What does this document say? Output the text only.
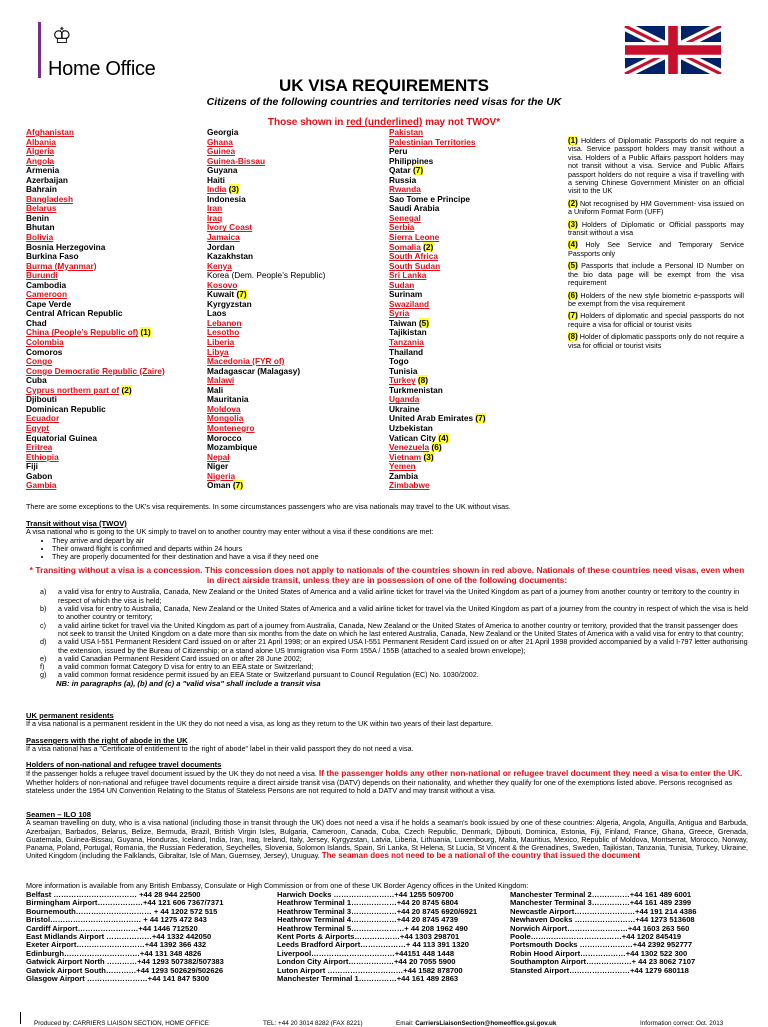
♔
Home Office
UK VISA REQUIREMENTS
Citizens of the following countries and territories need visas for the UK
Those shown in red (underlined) may not TWOV*
Afghanistan
Albania
Algeria
Angola
Armenia
Azerbaijan
Bahrain
Bangladesh
Belarus
Benin
Bhutan
Bolivia
Bosnia Herzegovina
Burkina Faso
Burma (Myanmar)
Burundi
Cambodia
Cameroon
Cape Verde
Central African Republic
Chad
China (People’s Republic of) (1)
Colombia
Comoros
Congo
Congo Democratic Republic (Zaire)
Cuba
Cyprus northern part of (2)
Djibouti
Dominican Republic
Ecuador
Egypt
Equatorial Guinea
Eritrea
Ethiopia
Fiji
Gabon
Gambia
Georgia
Ghana
Guinea
Guinea-Bissau
Guyana
Haiti
India (3)
Indonesia
Iran
Iraq
Ivory Coast
Jamaica
Jordan
Kazakhstan
Kenya
Korea (Dem. People’s Republic)
Kosovo
Kuwait (7)
Kyrgyzstan
Laos
Lebanon
Lesotho
Liberia
Libya
Macedonia (FYR of)
Madagascar (Malagasy)
Malawi
Mali
Mauritania
Moldova
Mongolia
Montenegro
Morocco
Mozambique
Nepal
Niger
Nigeria
Oman (7)
Pakistan
Palestinian Territories
Peru
Philippines
Qatar (7)
Russia
Rwanda
Sao Tome e Principe
Saudi Arabia
Senegal
Serbia
Sierra Leone
Somalia (2)
South Africa
South Sudan
Sri Lanka
Sudan
Surinam
Swaziland
Syria
Taiwan (5)
Tajikistan
Tanzania
Thailand
Togo
Tunisia
Turkey (8)
Turkmenistan
Uganda
Ukraine
United Arab Emirates (7)
Uzbekistan
Vatican City (4)
Venezuela (6)
Vietnam (3)
Yemen
Zambia
Zimbabwe

(1) Holders of Diplomatic Passports do not require a visa. Service passport holders may transit without a visa. Holders of a Public Affairs passport holders may not transit without a visa. Service and Public Affairs passport holders do not require a visa if travelling with a serving Chinese Government Minister on an official visit to the UK

(2) Not recognised by HM Government- visa issued on a Uniform Format Form (UFF)

(3) Holders of Diplomatic or Official passports may transit without a visa

(4) Holy See Service and Temporary Service Passports only

(5) Passports that include a Personal ID Number on the bio data page will be exempt from the visa requirement

(6) Holders of the new style biometric e-passports will be exempt from the visa requirement

(7) Holders of diplomatic and special passports do not require a visa for official or tourist visits

(8) Holder of diplomatic passports only do not require a visa for official or tourist visits

There are some exceptions to the UK's visa requirements. In some circumstances passengers who are visa nationals may travel to the UK without visas.
Transit without visa (TWOV)
A visa national who is going to the UK simply to travel on to another country may enter without a visa if these conditions are met:
• They arrive and depart by air
• Their onward flight is confirmed and departs within 24 hours
• They are properly documented for their destination and have a visa if they need one
* Transiting without a visa is a concession. This concession does not apply to nationals of the countries shown in red above. Nationals of these countries need visas, even when in direct airside transit, unless they are in possession of one of the following documents:
a)	a valid visa for entry to Australia, Canada, New Zealand or the United States of America and a valid airline ticket for travel via the United Kingdom as part of a journey from another country or territory to the country in respect of which the visa is held;
b)	a valid visa for entry to Australia, Canada, New Zealand or the United States of America and a valid airline ticket for travel via the United Kingdom as part of a journey from the country in respect of which the visa is held to another country or territory;
c)	a valid airline ticket for travel via the United Kingdom as part of a journey from Australia, Canada, New Zealand or the United States of America to another country or territory, provided that the transit passenger does not seek to transit the United Kingdom on a date more than six months from the date on which he last entered Australia, Canada, New Zealand or the United States of America with a valid visa for entry to that country;
d)	a valid USA I-551 Permanent Resident Card issued on or after 21 April 1998; or an expired USA I-551 Permanent Resident Card issued on or after 21 April 1998 provided accompanied by a valid I-797 letter authorising the extension, issued by the Bureau of Citizenship; or a stand alone US Immigration visa Form 155A / 155B (attached to a sealed brown envelope);
e)	a valid Canadian Permanent Resident Card issued on or after 28 June 2002;
f)	a valid common format Category D visa for entry to an EEA state or Switzerland;
g)	a valid common format residence permit issued by an EEA State or Switzerland pursuant to Council Regulation (EC) No. 1030/2002.
NB: in paragraphs (a), (b) and (c) a "valid visa" shall include a transit visa
UK permanent residents
If a visa national is a permanent resident in the UK they do not need a visa, as long as they return to the UK within two years of their last departure.
Passengers with the right of abode in the UK
If a visa national has a "Certificate of entitlement to the right of abode" label in their valid passport they do not need a visa.
Holders of non-national and refugee travel documents
If the passenger holds a refugee travel document issued by the UK they do not need a visa. If the passenger holds any other non-national or refugee travel document they need a visa to enter the UK.
Whether holders of non-national and refugee travel documents require a direct airside transit visa (DATV) depends on their nationality, and whether they qualify for one of the exemptions listed above. Persons recognised as stateless under the 1954 UN Convention Relating to the Status of Stateless Persons are not required to hold a DATV and may transit without a visa.
Seamen – ILO 108
A seaman travelling on duty, who is a visa national (including those in transit through the UK) does not need a visa if he holds a seaman's book issued by one of these countries: Algeria, Angola, Anguilla, Antigua and Barbuda, Azerbaijan, Barbados, Belarus, Belize, Bermuda, Brazil, British Virgin Isles, Bulgaria, Cameroon, Canada, Cuba, Czech Republic, Denmark, Djibouti, Dominica, Estonia, Fiji, Finland, France, Ghana, Greece, Grenada, Guatemala, Guinea-Bissau, Guyana, Honduras, Iceland, India, Iran, Iraq, Ireland, Italy, Jersey, Kyrgyzstan, Latvia, Liberia, Lithuania, Luxembourg, Malta, Mauritius, Mexico, Republic of Moldova, Montserrat, Morocco, Norway, Panama, Poland, Portugal, Romania, the Russian Federation, Seychelles, Slovenia, Solomon Islands, Spain, Sri Lanka, St Helena, St Lucia, St Vincent & the Grenadines, Sweden, Tajikistan, Tanzania, Tunisia, Turkey, Ukraine, United Kingdom (including the Falklands, Gibraltar, Isle of Man, Guernsey, Jersey), Uruguay. The seaman does not need to be a national of the country that issued the document
More information is available from any British Embassy, Consulate or High Commission or from one of these UK Border Agency offices in the United Kingdom:
Belfast …………………………… +44 28 944 22500
Birmingham Airport………………+44 121 606 7367/7371
Bournemouth………………………… + 44 1202 572 515
Bristol……………………………… + 44 1275 472 843
Cardiff Airport……………………+44 1446 712520
East Midlands Airport ………………+44 1332 442050
Exeter Airport………………………+44 1392 366 432
Edinburgh…………………………+44 131 348 4826
Gatwick Airport North …………+44 1293 507382/507383
Gatwick Airport South…………+44 1293 502629/502626
Glasgow Airport ……………………+44 141 847 5300
Harwich Docks ……………………+44 1255 509700
Heathrow Terminal 1………………+44 20 8745 6804
Heathrow Terminal 3………………+44 20 8745 6920/6921
Heathrow Terminal 4………………+44 20 8745 4739
Heathrow Terminal 5…………………+ 44 208 1962 490
Kent Ports & Airports………………+44 1303 298701
Leeds Bradford Airport………………+ 44 113 391 1320
Liverpool……………………………+44151 448 1448
London City Airport………………+44 20 7055 5900
Luton Airport …………………………+44 1582 878700
Manchester Terminal 1……………+44 161 489 2863
Manchester Terminal 2……………+44 161 489 6001
Manchester Terminal 3……………+44 161 489 2399
Newcastle Airport……………………+44 191 214 4386
Newhaven Docks ……………………+44 1273 513608
Norwich Airport……………………+44 1603 263 560
Poole………………………………+44 1202 845419
Portsmouth Docks …………………+44 2392 952777
Robin Hood Airport………………+44 1302 522 300
Southampton Airport………………+ 44 23 8062 7107
Stansted Airport……………………+44 1279 680118
Produced by: CARRIERS LIAISON SECTION, HOME OFFICE	TEL: +44 20 3014 8282 (FAX 8221)	Email: CarriersLiaisonSection@homeoffice.gsi.gov.uk	Information correct: Oct. 2013
